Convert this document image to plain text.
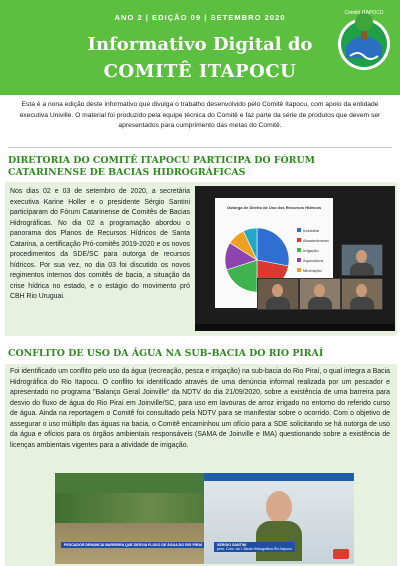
ANO 2 | EDIÇÃO 09 | SETEMBRO 2020
Informativo Digital do
COMITÊ ITAPOCU
Comitê ITAPOCU
Esta é a nona edição deste informativo que divulga o trabalho desenvolvido pelo Comitê Itapocu, com apoio da entidade executiva Univille. O material foi produzido pela equipe técnica do Comitê e faz parte da série de produtos que devem ser apresentados para cumprimento das metas do Comitê.
DIRETORIA DO COMITÊ ITAPOCU PARTICIPA DO FÓRUM CATARINENSE DE BACIAS HIDROGRÁFICAS
Nos dias 02 e 03 de setembro de 2020, a secretária executiva Karine Holler e o presidente Sérgio Santini participaram do Fórum Catarinense de Comitês de Bacias Hidrográficas. No dia 02 a programação abordou o panorama dos Planos de Recursos Hídricos de Santa Catarina, a certificação Pró-comitês 2019-2020 e os novos procedimentos da SDE/SC para outorga de recursos hídricos. Por sua vez, no dia 03 foi discutido os novos regimentos internos dos comitês de bacia, a situação da crise hídrica no estado, e o estágio do movimento pró CBH Rio Uruguai.
Outorga de Direito de Uso dos Recursos Hídricos
Industrial
Abastecimento
Irrigação
Aquicultura
Mineração
CONFLITO DE USO DA ÁGUA NA SUB-BACIA DO RIO PIRAÍ
Foi identificado um conflito pelo uso da água (recreação, pesca e irrigação) na sub-bacia do Rio Piraí, o qual integra a Bacia Hidrográfica do Rio Itapocu. O conflito foi identificado através de uma denúncia informal realizada por um pescador e apresentado no programa "Balanço Geral Joinville" da NDTV do dia 21/09/2020, sobre a existência de uma barreira para desvio do fluxo de água do Rio Piraí em Joinville/SC, para uso em lavouras de arroz irrigado no entorno do referido curso de água. Ainda na reportagem o Comitê foi consultado pela NDTV para se manifestar sobre o ocorrido. Com o objetivo de assegurar o uso múltiplo das águas na bacia, o Comitê encaminhou um ofício para a SDE solicitando se há outorga de uso da água e ofícios para os órgãos ambientais responsáveis (SAMA de Joinville e IMA) questionando sobre a existência de licenças ambientais vigentes para a atividade de irrigação.
PESCADOR DENUNCIA BARREIRA QUE DESVIA FLUXO DE ÁGUA DO RIO PIRAÍ	SÉRGIO SANTINI
pres. Com. da I. Bacia Hidrográfica Rio Itapocu
